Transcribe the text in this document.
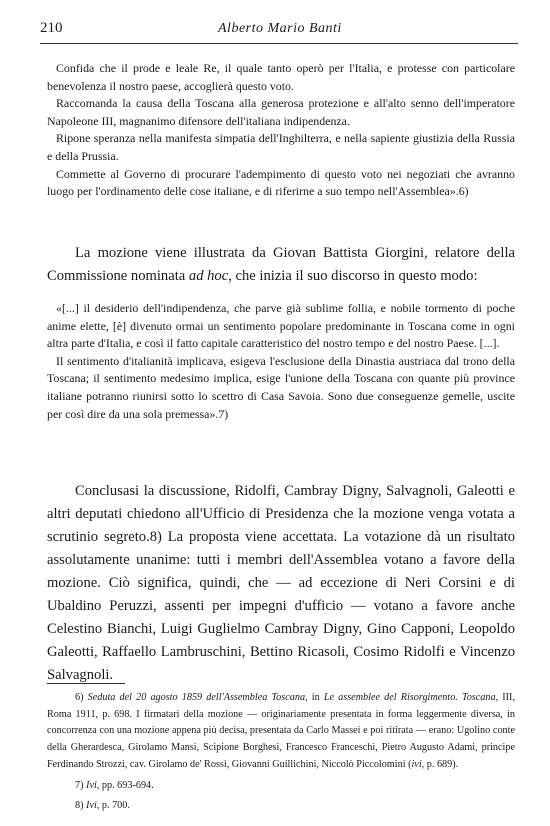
210	Alberto Mario Banti

Confida che il prode e leale Re, il quale tanto operò per l'Italia, e protesse con particolare benevolenza il nostro paese, accoglierà questo voto.

Raccomanda la causa della Toscana alla generosa protezione e all'alto senno dell'imperatore Napoleone III, magnanimo difensore dell'italiana indipendenza.

Ripone speranza nella manifesta simpatia dell'Inghilterra, e nella sapiente giustizia della Russia e della Prussia.

Commette al Governo di procurare l'adempimento di questo voto nei negoziati che avranno luogo per l'ordinamento delle cose italiane, e di riferirne a suo tempo nell'Assemblea».6)

La mozione viene illustrata da Giovan Battista Giorgini, relatore della Commissione nominata ad hoc, che inizia il suo discorso in questo modo:

«[...] il desiderio dell'indipendenza, che parve già sublime follia, e nobile tormento di poche anime elette, [è] divenuto ormai un sentimento popolare predominante in Toscana come in ogni altra parte d'Italia, e così il fatto capitale caratteristico del nostro tempo e del nostro Paese. [...].

Il sentimento d'italianità implicava, esigeva l'esclusione della Dinastia austriaca dal trono della Toscana; il sentimento medesimo implica, esige l'unione della Toscana con quante più province italiane potranno riunirsi sotto lo scettro di Casa Savoia. Sono due conseguenze gemelle, uscite per così dire da una sola premessa».7)

Conclusasi la discussione, Ridolfi, Cambray Digny, Salvagnoli, Galeotti e altri deputati chiedono all'Ufficio di Presidenza che la mozione venga votata a scrutinio segreto.8) La proposta viene accettata. La votazione dà un risultato assolutamente unanime: tutti i membri dell'Assemblea votano a favore della mozione. Ciò significa, quindi, che — ad eccezione di Neri Corsini e di Ubaldino Peruzzi, assenti per impegni d'ufficio — votano a favore anche Celestino Bianchi, Luigi Guglielmo Cambray Digny, Gino Capponi, Leopoldo Galeotti, Raffaello Lambruschini, Bettino Ricasoli, Cosimo Ridolfi e Vincenzo Salvagnoli.

6) Seduta del 20 agosto 1859 dell'Assemblea Toscana, in Le assemblee del Risorgimento. Toscana, III, Roma 1911, p. 698. I firmatari della mozione — originariamente presentata in forma leggermente diversa, in concorrenza con una mozione appena più decisa, presentata da Carlo Massei e poi ritirata — erano: Ugolino conte della Gherardesca, Girolamo Mansi, Scipione Borghesi, Francesco Franceschi, Pietro Augusto Adami, principe Ferdinando Strozzi, cav. Girolamo de' Rossi, Giovanni Guillichini, Niccolò Piccolomini (ivi, p. 689).

7) Ivi, pp. 693-694.

8) Ivi, p. 700.
